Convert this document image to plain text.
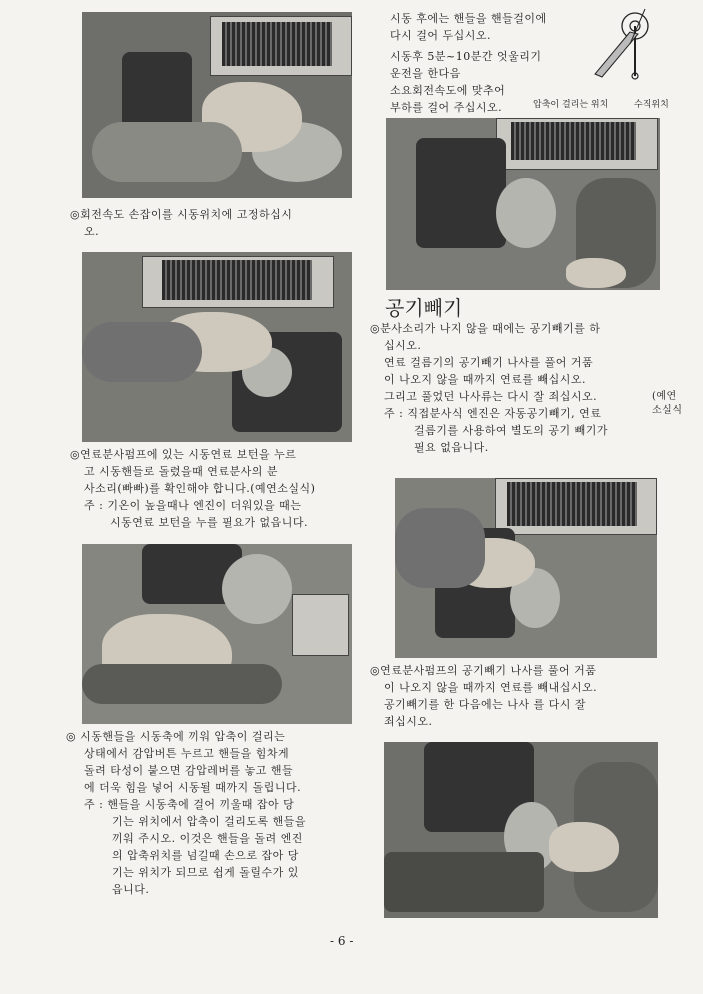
◎회전속도 손잡이를 시동위치에 고정하십시
오.
◎연료분사펌프에 있는 시동연료 보턴을 누르
고 시동핸들로 돌렸을때 연료분사의 분
사소리(빠빠)를 확인해야 합니다.(예연소실식)
주 : 기온이 높을때나 엔진이 더워있을 때는
시동연료 보턴을 누를 필요가 없읍니다.
◎ 시동핸들을 시동축에 끼워 압축이 걸리는
상태에서 감압버튼 누르고 핸들을 힘차게
돌려 타성이 붙으면 감압레버를 놓고 핸들
에 더욱 힘을 넣어 시동될 때까지 돌립니다.
주 : 핸들을 시동축에 걸어 끼울때 잡아 당
기는 위치에서 압축이 걸리도록 핸들을
끼워 주시오. 이것은 핸들을 돌려 엔진
의 압축위치를 넘길때 손으로 잡아 당
기는 위치가 되므로 쉽게 돌릴수가 있
읍니다.
시동 후에는 핸들을 핸들걸이에
다시 걸어 두십시오.
시동후 5분~10분간 엇울리기
운전을 한다음
소요회전속도에 맞추어
부하를 걸어 주십시오.	압축이 걸리는 위치	수직위치
공기빼기
◎분사소리가 나지 않을 때에는 공기빼기를 하
십시오.
연료 걸름기의 공기빼기 나사를 풀어 거품
이 나오지 않을 때까지 연료를 빼십시오.
그리고 풀었던 나사류는 다시 잘 죄십시오.
주 : 직접분사식 엔진은 자동공기빼기, 연료
걸름기를 사용하여 별도의 공기 빼기가
필요 없읍니다.
(예연
소실식
◎연료분사펌프의 공기빼기 나사를 풀어 거품
이 나오지 않을 때까지 연료를 빼내십시오.
공기빼기를 한 다음에는 나사 를 다시 잘
죄십시오.
- 6 -
